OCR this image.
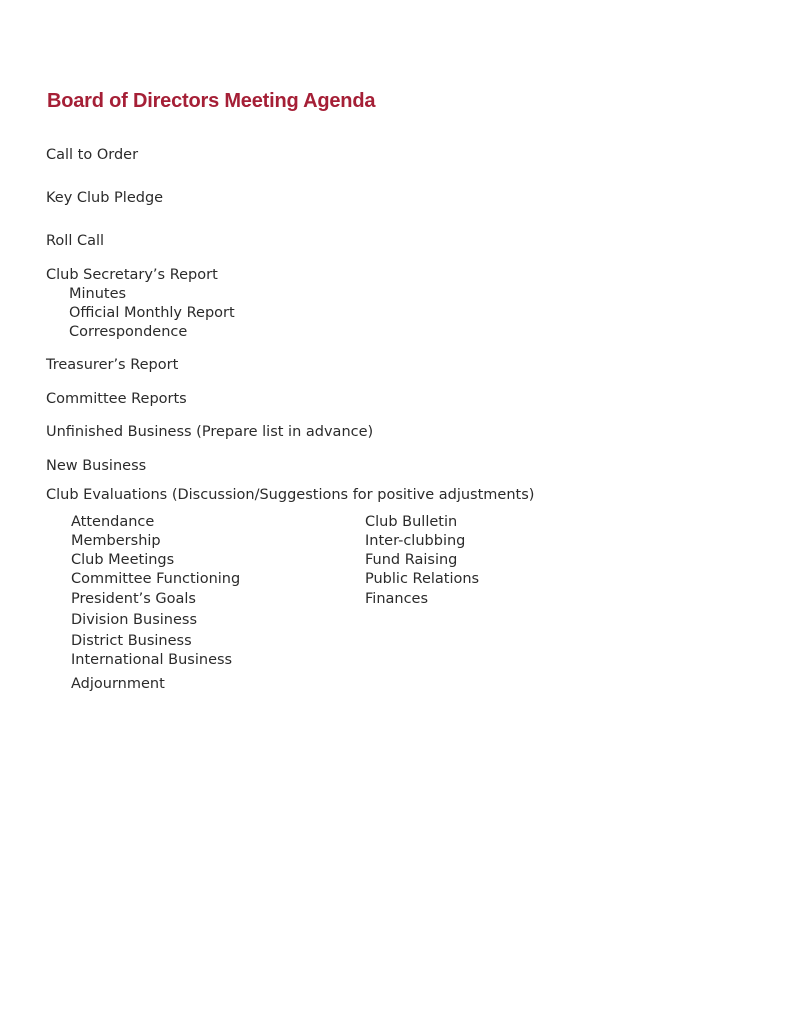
Board of Directors Meeting Agenda
Call to Order
Key Club Pledge
Roll Call
Club Secretary’s Report
Minutes
Official Monthly Report
Correspondence
Treasurer’s Report
Committee Reports
Unfinished Business (Prepare list in advance)
New Business
Club Evaluations (Discussion/Suggestions for positive adjustments)
Attendance
Membership
Club Meetings
Committee Functioning
President’s Goals
Club Bulletin
Inter-clubbing
Fund Raising
Public Relations
Finances
Division Business
District Business
International Business
Adjournment
